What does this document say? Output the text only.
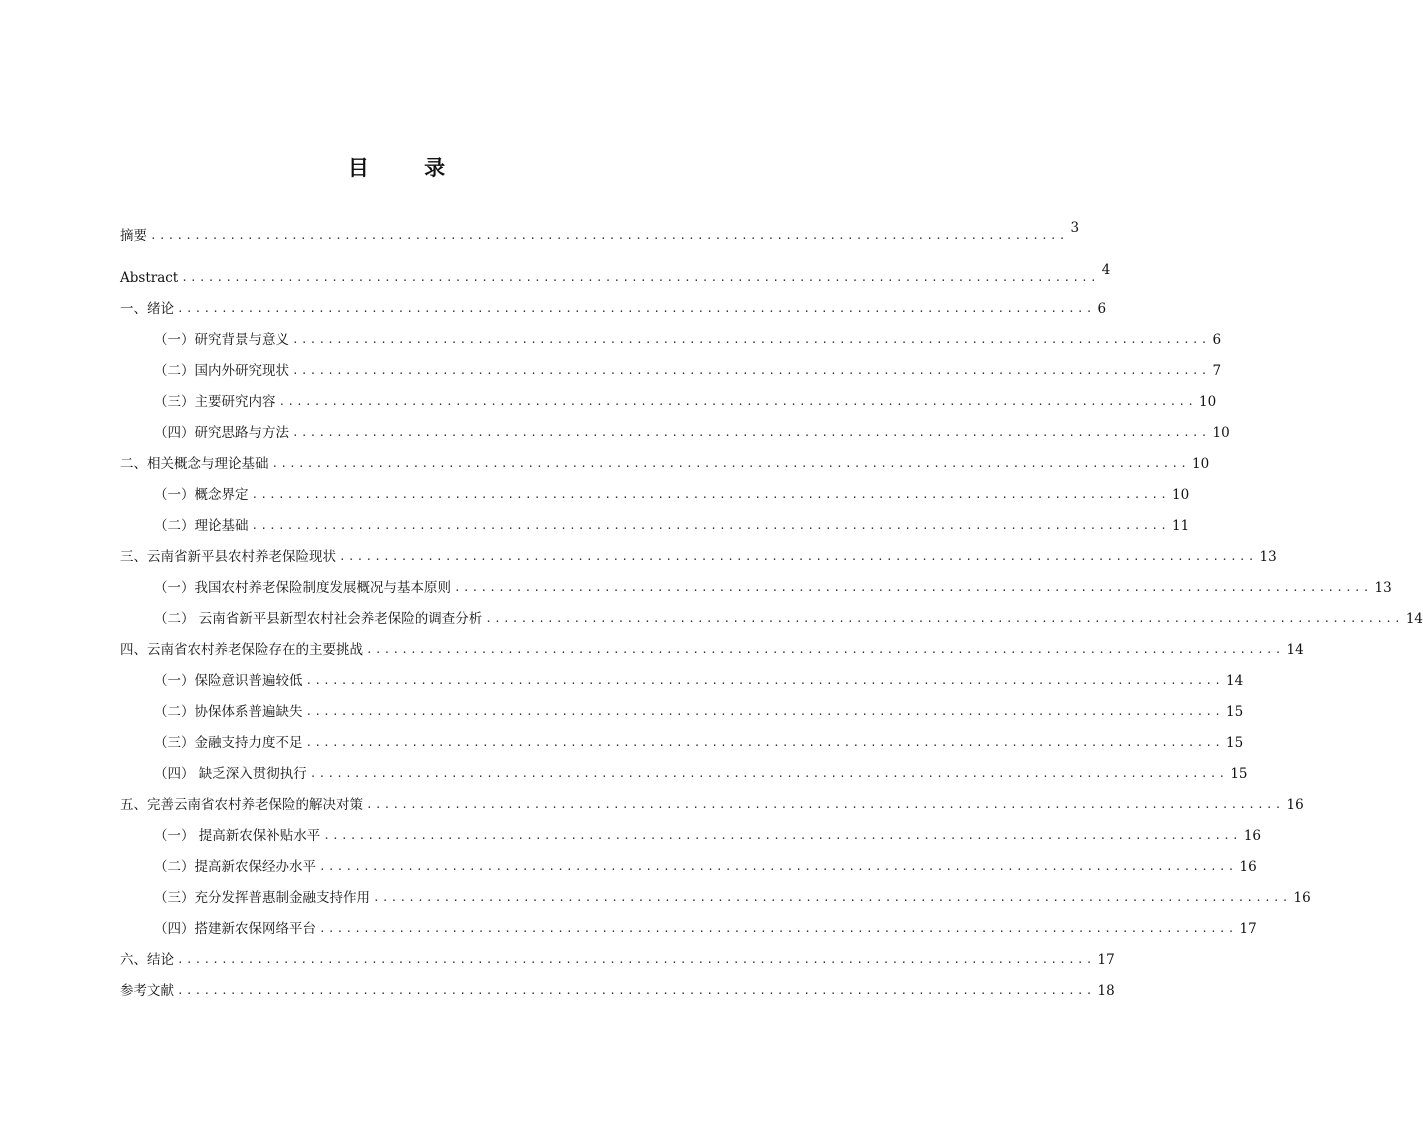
目 录
摘要 ........................................................................................................ 3
Abstract ........................................................................................................ 4
一、绪论 ........................................................................................................ 6
（一）研究背景与意义 ........................................................................................................ 6
（二）国内外研究现状 ........................................................................................................ 7
（三）主要研究内容 ........................................................................................................ 10
（四）研究思路与方法 ........................................................................................................ 10
二、相关概念与理论基础 ........................................................................................................ 10
（一）概念界定 ........................................................................................................ 10
（二）理论基础 ........................................................................................................ 11
三、云南省新平县农村养老保险现状 ........................................................................................................ 13
（一）我国农村养老保险制度发展概况与基本原则 ........................................................................................................ 13
（二） 云南省新平县新型农村社会养老保险的调查分析 ........................................................................................................ 14
四、云南省农村养老保险存在的主要挑战 ........................................................................................................ 14
（一）保险意识普遍较低 ........................................................................................................ 14
（二）协保体系普遍缺失 ........................................................................................................ 15
（三）金融支持力度不足 ........................................................................................................ 15
（四） 缺乏深入贯彻执行 ........................................................................................................ 15
五、完善云南省农村养老保险的解决对策 ........................................................................................................ 16
（一） 提高新农保补贴水平 ........................................................................................................ 16
（二）提高新农保经办水平 ........................................................................................................ 16
（三）充分发挥普惠制金融支持作用 ........................................................................................................ 16
（四）搭建新农保网络平台 ........................................................................................................ 17
六、结论 ........................................................................................................ 17
参考文献 ........................................................................................................ 18
